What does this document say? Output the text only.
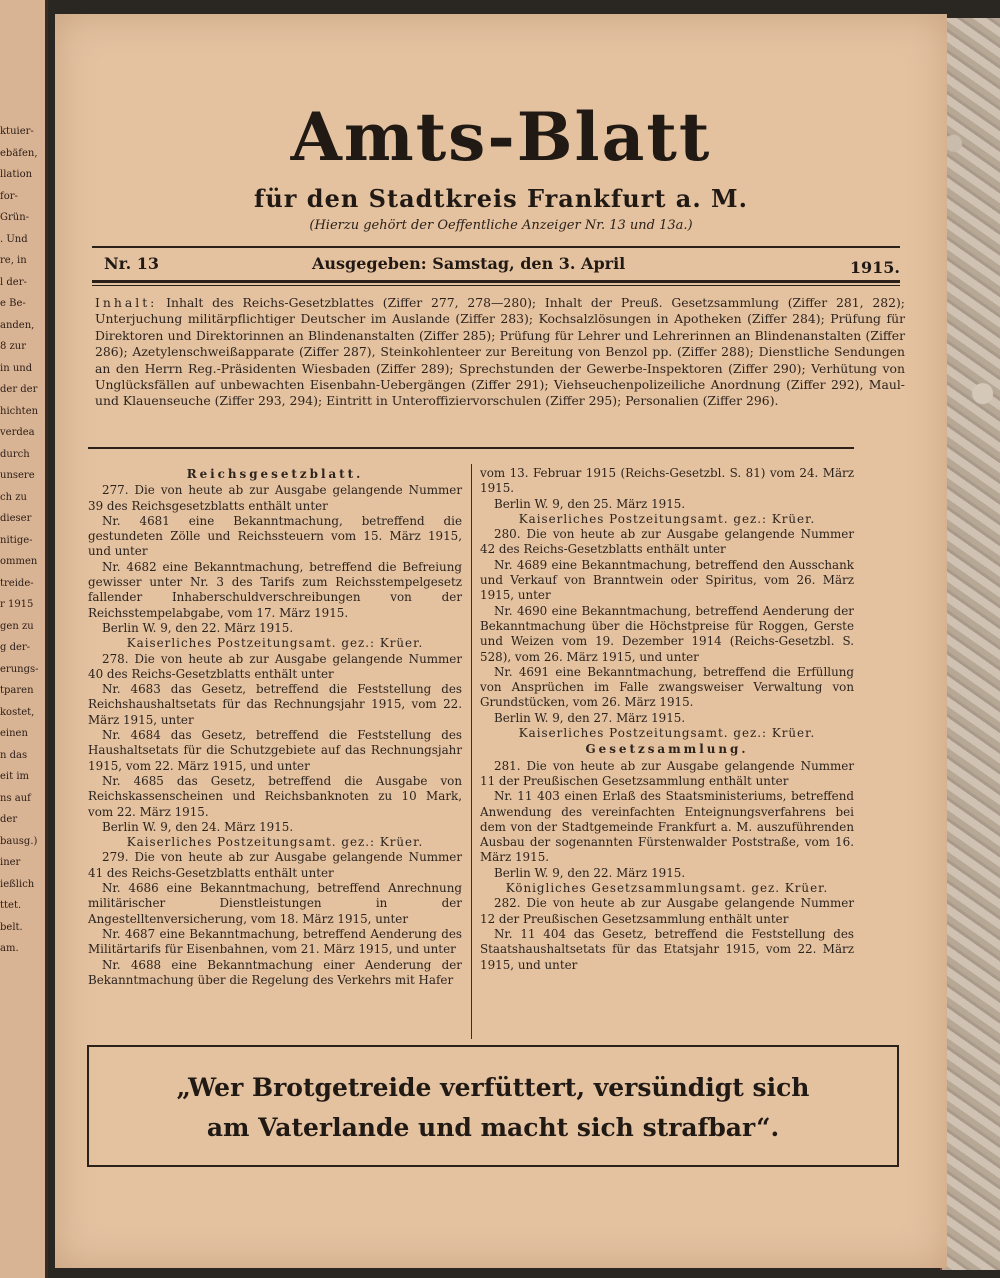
ktuier-
ebäfen,
llation
for-
Grün-
. Und
re, in
l der-
e Be-
anden,
8 zur
in und
der der
hichten
verdea
durch
unsere
ch zu
dieser
nitige-
ommen
treide-
r 1915
gen zu
g der-
erungs-
tparen
kostet,
einen
n das
eit im
ns auf
der
bausg.)
iner
ießlich
ttet.
belt.
am.
Amts-Blatt
für den Stadtkreis Frankfurt a. M.
(Hierzu gehört der Oeffentliche Anzeiger Nr. 13 und 13a.)
Nr. 13	Ausgegeben: Samstag, den 3. April	1915.
Inhalt: Inhalt des Reichs-Gesetzblattes (Ziffer 277, 278—280); Inhalt der Preuß. Gesetzsammlung (Ziffer 281, 282); Unterjuchung militärpflichtiger Deutscher im Auslande (Ziffer 283); Kochsalzlösungen in Apotheken (Ziffer 284); Prüfung für Direktoren und Direktorinnen an Blindenanstalten (Ziffer 285); Prüfung für Lehrer und Lehrerinnen an Blindenanstalten (Ziffer 286); Azetylenschweißapparate (Ziffer 287), Steinkohlenteer zur Bereitung von Benzol pp. (Ziffer 288); Dienstliche Sendungen an den Herrn Reg.-Präsidenten Wiesbaden (Ziffer 289); Sprechstunden der Gewerbe-Inspektoren (Ziffer 290); Verhütung von Unglücksfällen auf unbewachten Eisenbahn-Uebergängen (Ziffer 291); Viehseuchenpolizeiliche Anordnung (Ziffer 292), Maul- und Klauenseuche (Ziffer 293, 294); Eintritt in Unteroffiziervorschulen (Ziffer 295); Personalien (Ziffer 296).

Reichsgesetzblatt.

277. Die von heute ab zur Ausgabe gelangende Nummer 39 des Reichsgesetzblatts enthält unter

Nr. 4681 eine Bekanntmachung, betreffend die gestundeten Zölle und Reichssteuern vom 15. März 1915, und unter

Nr. 4682 eine Bekanntmachung, betreffend die Befreiung gewisser unter Nr. 3 des Tarifs zum Reichsstempelgesetz fallender Inhaberschuldverschreibungen von der Reichsstempelabgabe, vom 17. März 1915.

Berlin W. 9, den 22. März 1915.

Kaiserliches Postzeitungsamt. gez.: Krüer.

278. Die von heute ab zur Ausgabe gelangende Nummer 40 des Reichs-Gesetzblatts enthält unter

Nr. 4683 das Gesetz, betreffend die Feststellung des Reichshaushaltsetats für das Rechnungsjahr 1915, vom 22. März 1915, unter

Nr. 4684 das Gesetz, betreffend die Feststellung des Haushaltsetats für die Schutzgebiete auf das Rechnungsjahr 1915, vom 22. März 1915, und unter

Nr. 4685 das Gesetz, betreffend die Ausgabe von Reichskassenscheinen und Reichsbanknoten zu 10 Mark, vom 22. März 1915.

Berlin W. 9, den 24. März 1915.

Kaiserliches Postzeitungsamt. gez.: Krüer.

279. Die von heute ab zur Ausgabe gelangende Nummer 41 des Reichs-Gesetzblatts enthält unter

Nr. 4686 eine Bekanntmachung, betreffend Anrechnung militärischer Dienstleistungen in der Angestelltenversicherung, vom 18. März 1915, unter

Nr. 4687 eine Bekanntmachung, betreffend Aenderung des Militärtarifs für Eisenbahnen, vom 21. März 1915, und unter

Nr. 4688 eine Bekanntmachung einer Aenderung der Bekanntmachung über die Regelung des Verkehrs mit Hafer

vom 13. Februar 1915 (Reichs-Gesetzbl. S. 81) vom 24. März 1915.

Berlin W. 9, den 25. März 1915.

Kaiserliches Postzeitungsamt. gez.: Krüer.

280. Die von heute ab zur Ausgabe gelangende Nummer 42 des Reichs-Gesetzblatts enthält unter

Nr. 4689 eine Bekanntmachung, betreffend den Ausschank und Verkauf von Branntwein oder Spiritus, vom 26. März 1915, unter

Nr. 4690 eine Bekanntmachung, betreffend Aenderung der Bekanntmachung über die Höchstpreise für Roggen, Gerste und Weizen vom 19. Dezember 1914 (Reichs-Gesetzbl. S. 528), vom 26. März 1915, und unter

Nr. 4691 eine Bekanntmachung, betreffend die Erfüllung von Ansprüchen im Falle zwangsweiser Verwaltung von Grundstücken, vom 26. März 1915.

Berlin W. 9, den 27. März 1915.

Kaiserliches Postzeitungsamt. gez.: Krüer.

Gesetzsammlung.

281. Die von heute ab zur Ausgabe gelangende Nummer 11 der Preußischen Gesetzsammlung enthält unter

Nr. 11 403 einen Erlaß des Staatsministeriums, betreffend Anwendung des vereinfachten Enteignungsverfahrens bei dem von der Stadtgemeinde Frankfurt a. M. auszuführenden Ausbau der sogenannten Fürstenwalder Poststraße, vom 16. März 1915.

Berlin W. 9, den 22. März 1915.

Königliches Gesetzsammlungsamt. gez. Krüer.

282. Die von heute ab zur Ausgabe gelangende Nummer 12 der Preußischen Gesetzsammlung enthält unter

Nr. 11 404 das Gesetz, betreffend die Feststellung des Staatshaushaltsetats für das Etatsjahr 1915, vom 22. März 1915, und unter

„Wer Brotgetreide verfüttert, versündigt sich
am Vaterlande und macht sich strafbar“.
